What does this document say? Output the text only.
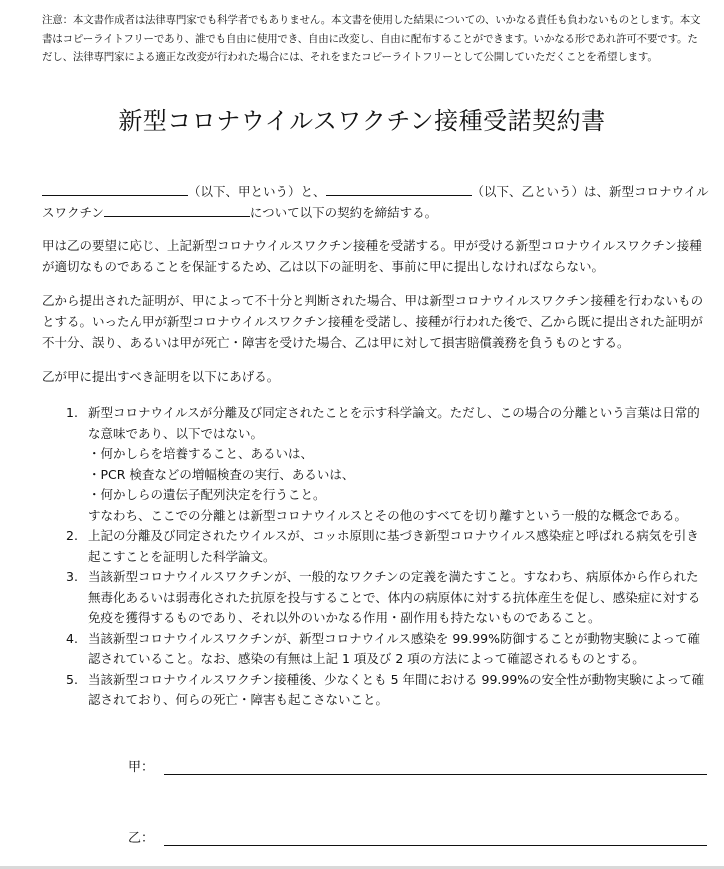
注意：本文書作成者は法律専門家でも科学者でもありません。本文書を使用した結果についての、いかなる責任も負わないものとします。本文書はコピーライトフリーであり、誰でも自由に使用でき、自由に改変し、自由に配布することができます。いかなる形であれ許可不要です。ただし、法律専門家による適正な改変が行われた場合には、それをまたコピーライトフリーとして公開していただくことを希望します。
新型コロナウイルスワクチン接種受諾契約書
（以下、甲という）と、	（以下、乙という）は、新型コロナウイルスワクチン	について以下の契約を締結する。
甲は乙の要望に応じ、上記新型コロナウイルスワクチン接種を受諾する。甲が受ける新型コロナウイルスワクチン接種が適切なものであることを保証するため、乙は以下の証明を、事前に甲に提出しなければならない。
乙から提出された証明が、甲によって不十分と判断された場合、甲は新型コロナウイルスワクチン接種を行わないものとする。いったん甲が新型コロナウイルスワクチン接種を受諾し、接種が行われた後で、乙から既に提出された証明が不十分、誤り、あるいは甲が死亡・障害を受けた場合、乙は甲に対して損害賠償義務を負うものとする。
乙が甲に提出すべき証明を以下にあげる。
1. 新型コロナウイルスが分離及び同定されたことを示す科学論文。ただし、この場合の分離という言葉は日常的な意味であり、以下ではない。
・何かしらを培養すること、あるいは、
・PCR 検査などの増幅検査の実行、あるいは、
・何かしらの遺伝子配列決定を行うこと。
すなわち、ここでの分離とは新型コロナウイルスとその他のすべてを切り離すという一般的な概念である。
2. 上記の分離及び同定されたウイルスが、コッホ原則に基づき新型コロナウイルス感染症と呼ばれる病気を引き起こすことを証明した科学論文。
3. 当該新型コロナウイルスワクチンが、一般的なワクチンの定義を満たすこと。すなわち、病原体から作られた無毒化あるいは弱毒化された抗原を投与することで、体内の病原体に対する抗体産生を促し、感染症に対する免疫を獲得するものであり、それ以外のいかなる作用・副作用も持たないものであること。
4. 当該新型コロナウイルスワクチンが、新型コロナウイルス感染を 99.99%防御することが動物実験によって確認されていること。なお、感染の有無は上記 1 項及び 2 項の方法によって確認されるものとする。
5. 当該新型コロナウイルスワクチン接種後、少なくとも 5 年間における 99.99%の安全性が動物実験によって確認されており、何らの死亡・障害も起こさないこと。
甲：
乙：
